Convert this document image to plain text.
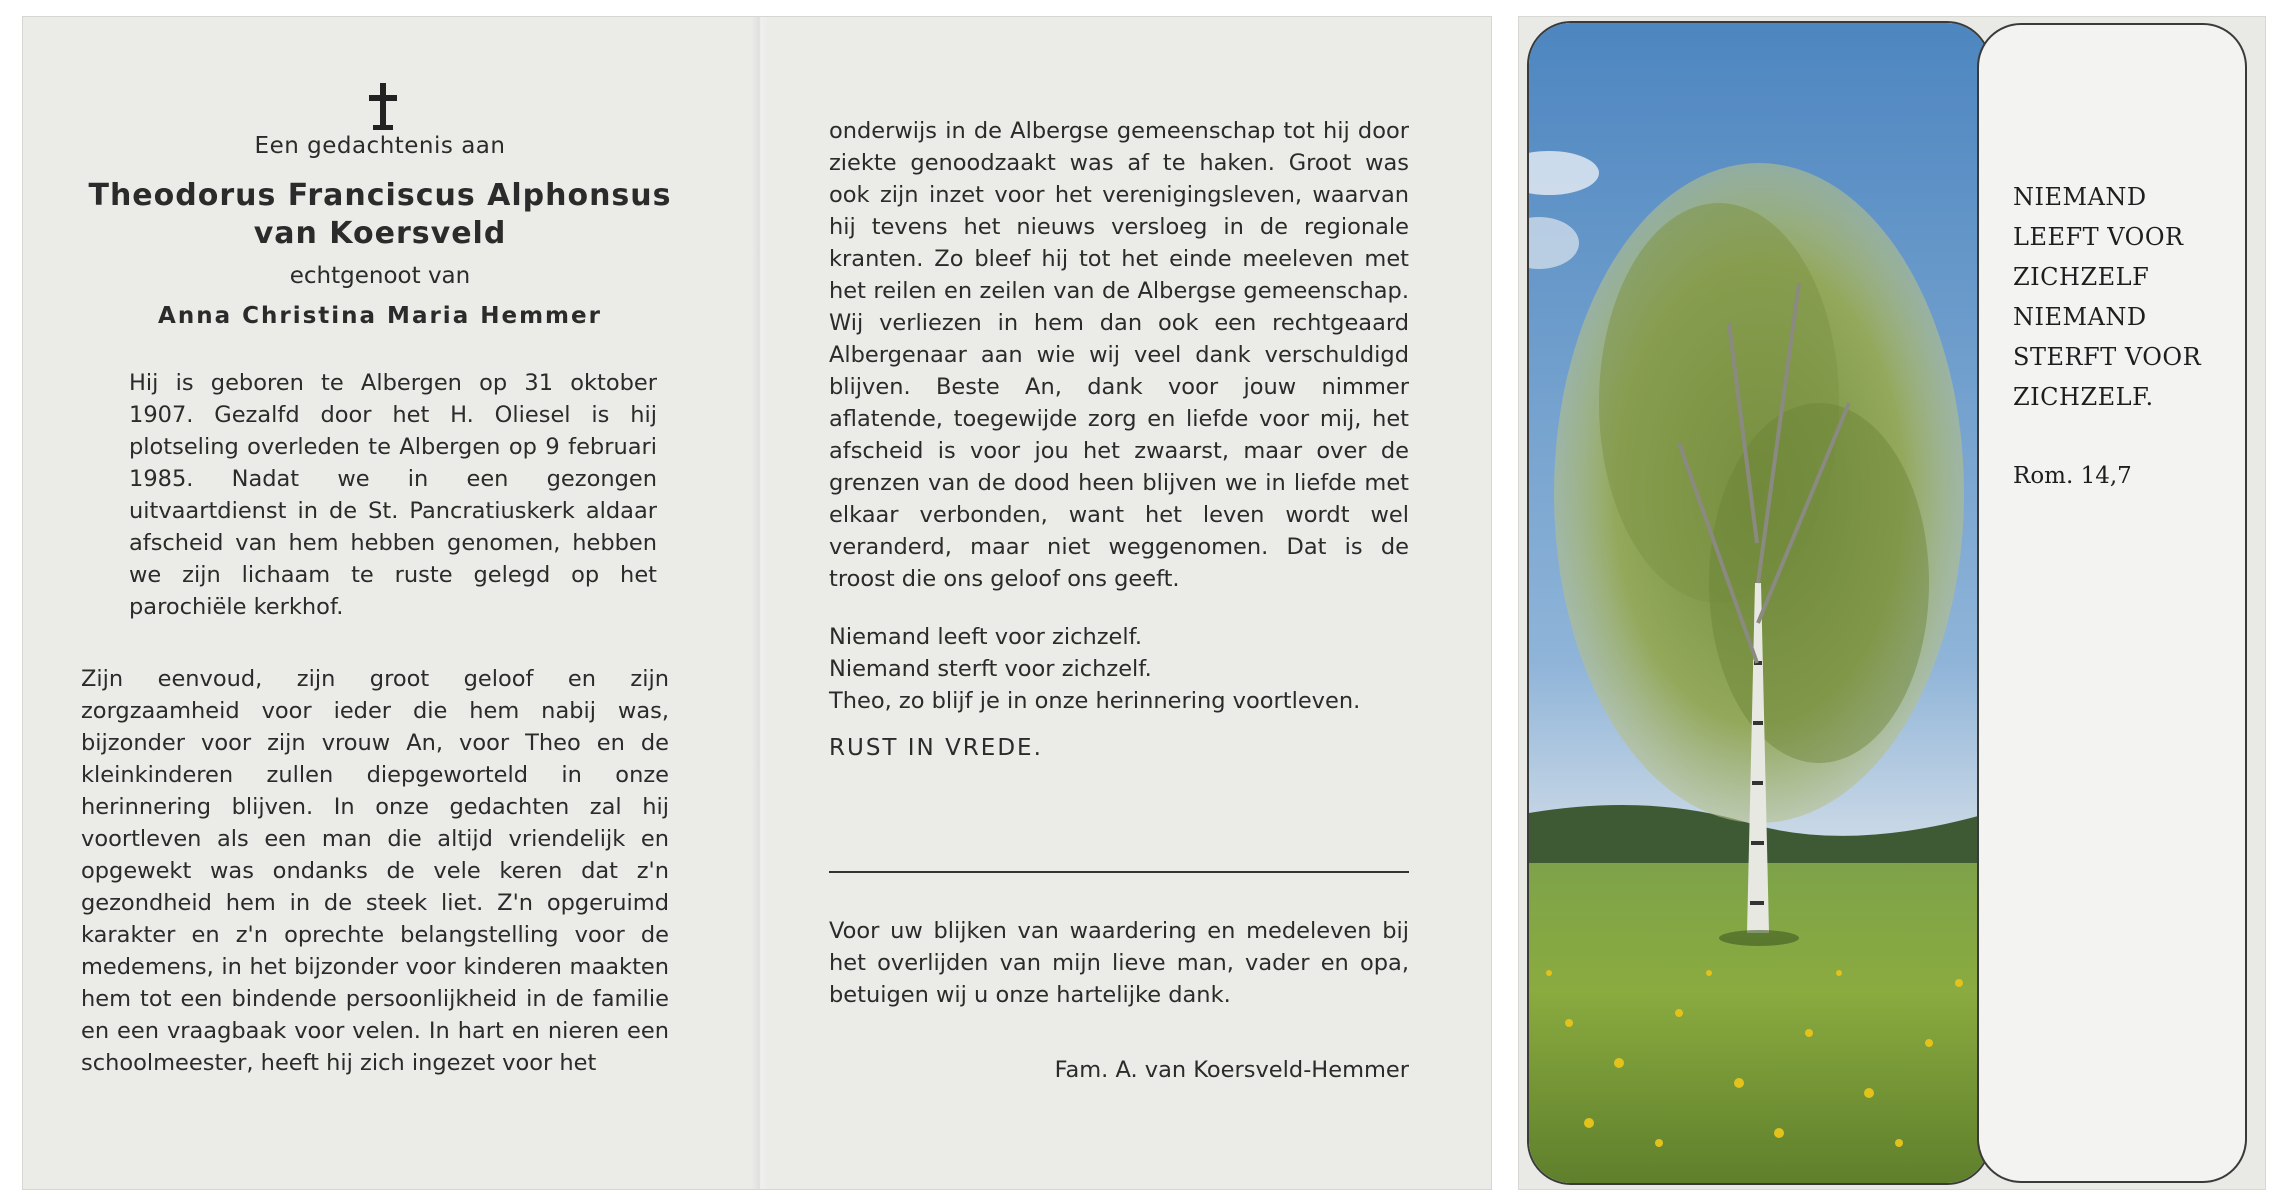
Een gedachtenis aan
Theodorus Franciscus Alphonsus
van Koersveld
echtgenoot van
Anna Christina Maria Hemmer
Hij is geboren te Albergen op 31 oktober 1907. Gezalfd door het H. Oliesel is hij plotseling overleden te Albergen op 9 februari 1985. Nadat we in een gezongen uitvaartdienst in de St. Pancratiuskerk aldaar afscheid van hem hebben genomen, hebben we zijn lichaam te ruste gelegd op het parochiële kerkhof.
Zijn eenvoud, zijn groot geloof en zijn zorgzaamheid voor ieder die hem nabij was, bijzonder voor zijn vrouw An, voor Theo en de kleinkinderen zullen diepgeworteld in onze herinnering blijven. In onze gedachten zal hij voortleven als een man die altijd vriendelijk en opgewekt was ondanks de vele keren dat z'n gezondheid hem in de steek liet. Z'n opgeruimd karakter en z'n oprechte belangstelling voor de medemens, in het bijzonder voor kinderen maakten hem tot een bindende persoonlijkheid in de familie en een vraagbaak voor velen. In hart en nieren een schoolmeester, heeft hij zich ingezet voor het
onderwijs in de Albergse gemeenschap tot hij door ziekte genoodzaakt was af te haken. Groot was ook zijn inzet voor het verenigingsleven, waarvan hij tevens het nieuws versloeg in de regionale kranten. Zo bleef hij tot het einde meeleven met het reilen en zeilen van de Albergse gemeenschap. Wij verliezen in hem dan ook een rechtgeaard Albergenaar aan wie wij veel dank verschuldigd blijven. Beste An, dank voor jouw nimmer aflatende, toegewijde zorg en liefde voor mij, het afscheid is voor jou het zwaarst, maar over de grenzen van de dood heen blijven we in liefde met elkaar verbonden, want het leven wordt wel veranderd, maar niet weggenomen. Dat is de troost die ons geloof ons geeft.
Niemand leeft voor zichzelf.
Niemand sterft voor zichzelf.
Theo, zo blijf je in onze herinnering voortleven.
RUST IN VREDE.
Voor uw blijken van waardering en medeleven bij het overlijden van mijn lieve man, vader en opa, betuigen wij u onze hartelijke dank.
Fam. A. van Koersveld-Hemmer
NIEMAND
LEEFT VOOR
ZICHZELF
NIEMAND
STERFT VOOR
ZICHZELF.
Rom. 14,7
